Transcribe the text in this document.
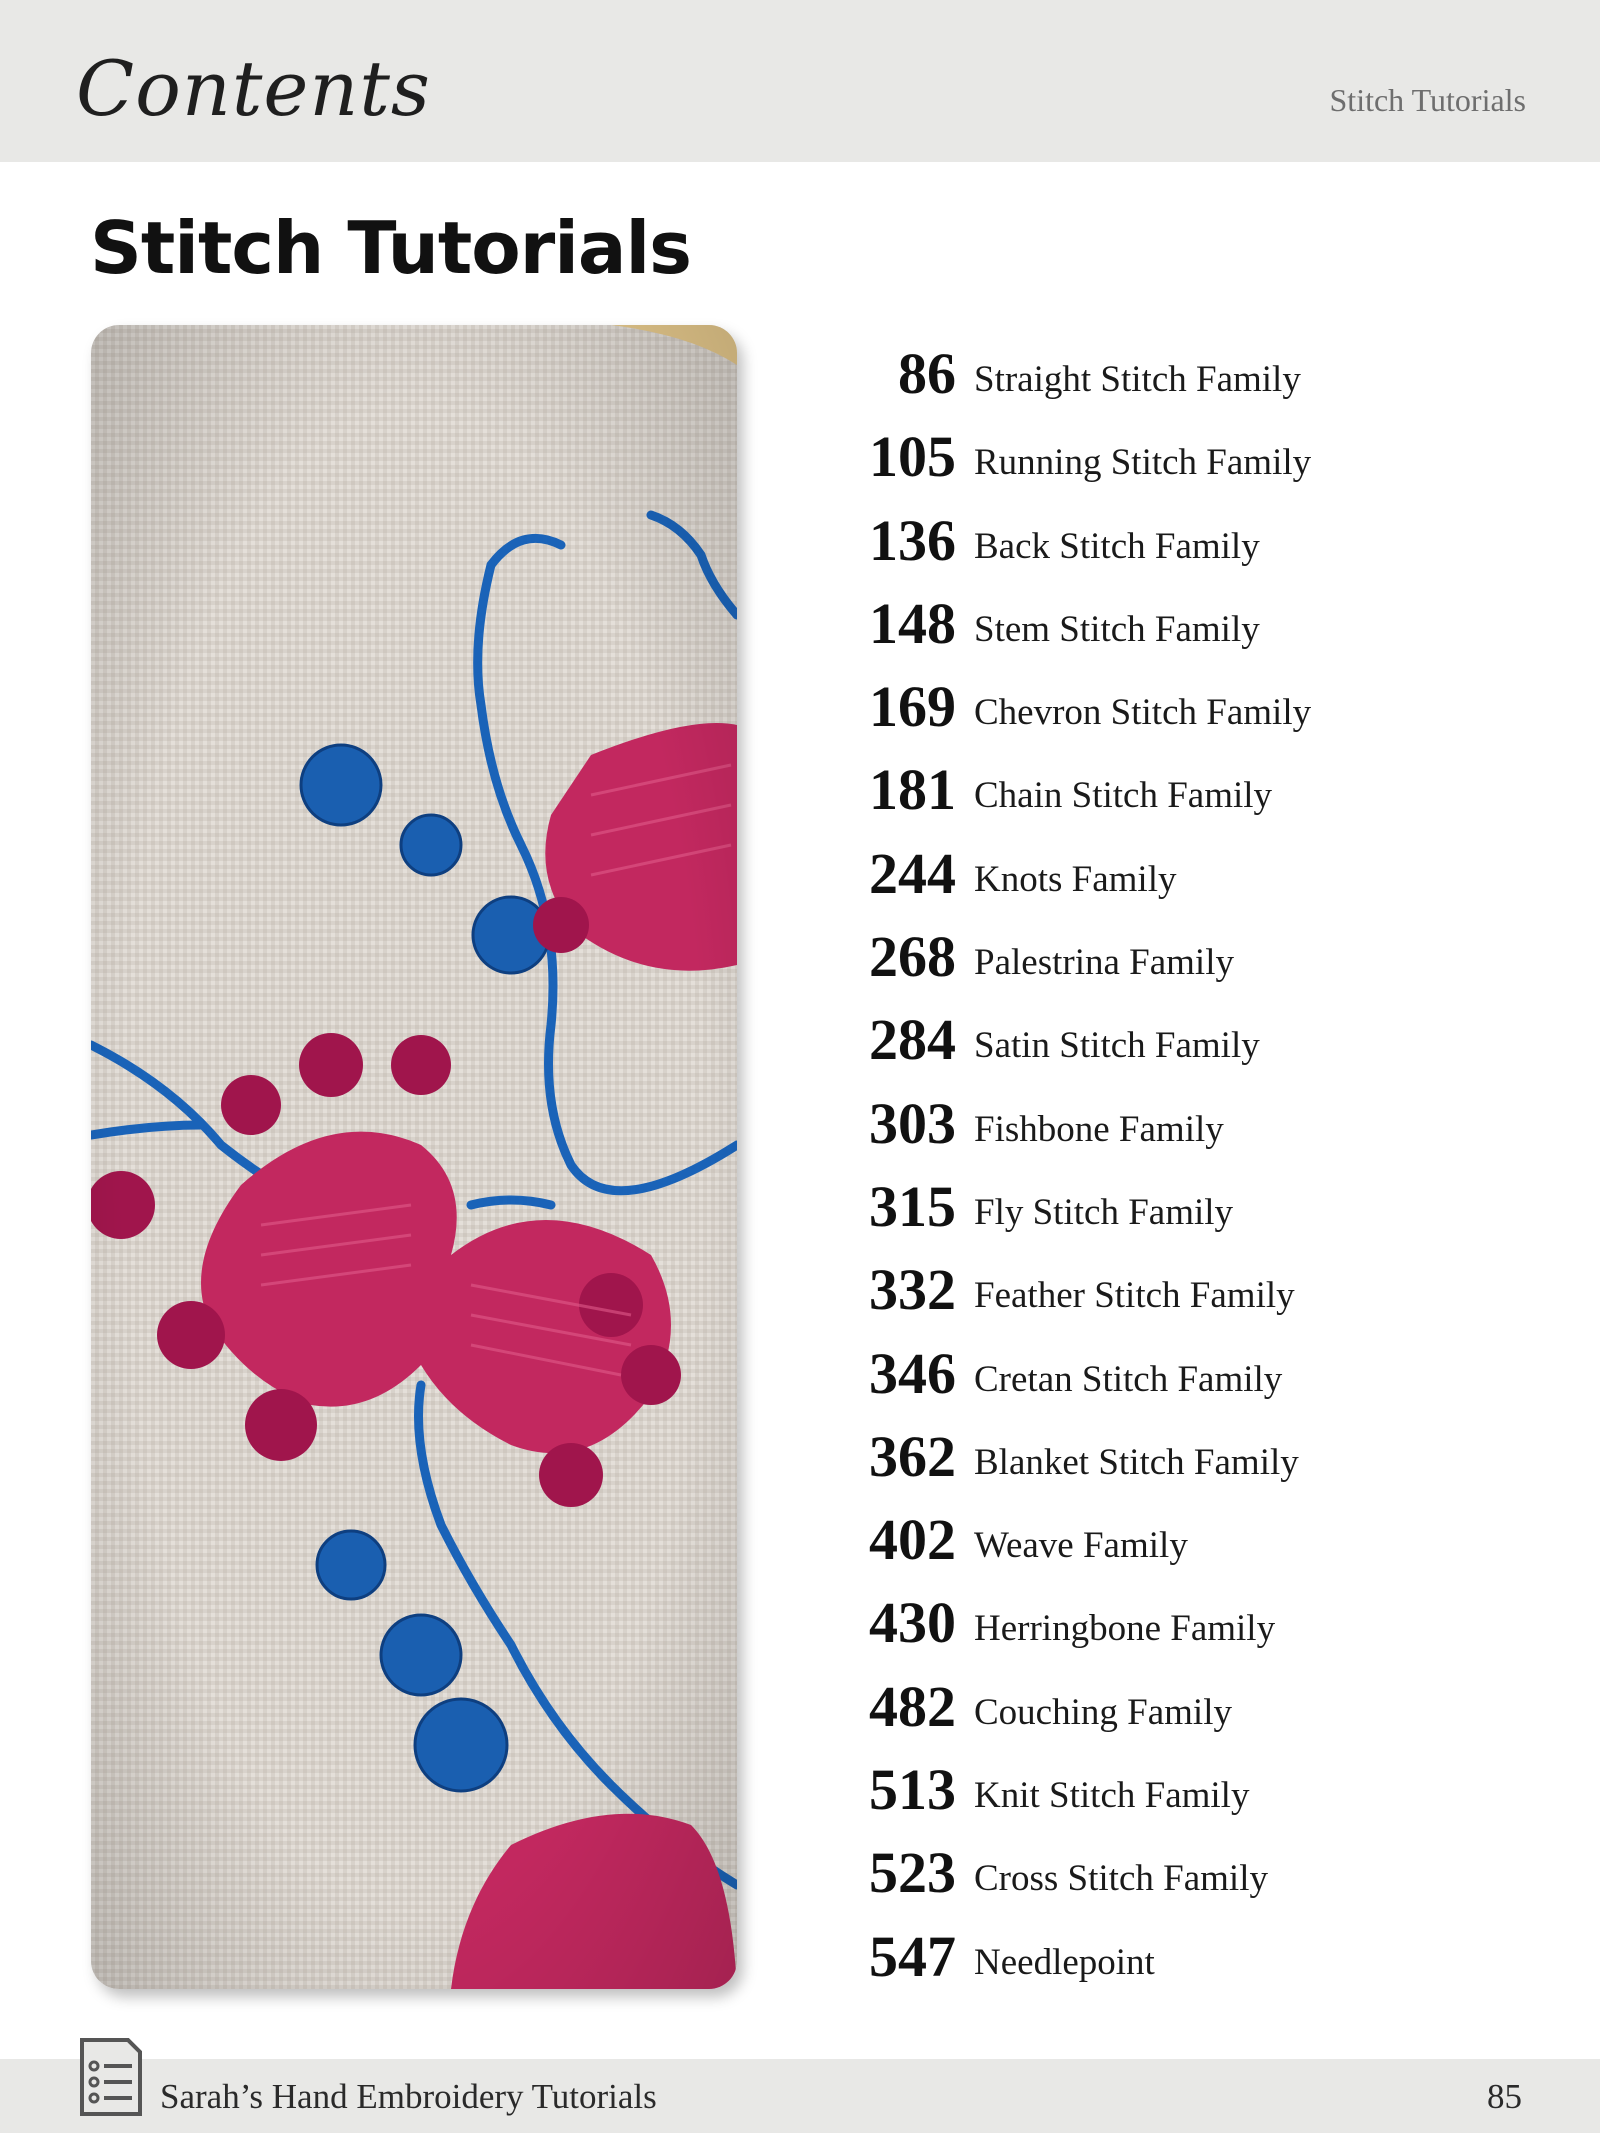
Contents	Stitch Tutorials
Stitch Tutorials
86 Straight Stitch Family
105 Running Stitch Family
136 Back Stitch Family
148 Stem Stitch Family
169 Chevron Stitch Family
181 Chain Stitch Family
244 Knots Family
268 Palestrina Family
284 Satin Stitch Family
303 Fishbone Family
315 Fly Stitch Family
332 Feather Stitch Family
346 Cretan Stitch Family
362 Blanket Stitch Family
402 Weave Family
430 Herringbone Family
482 Couching Family
513 Knit Stitch Family
523 Cross Stitch Family
547 Needlepoint
Sarah’s Hand Embroidery Tutorials	85
